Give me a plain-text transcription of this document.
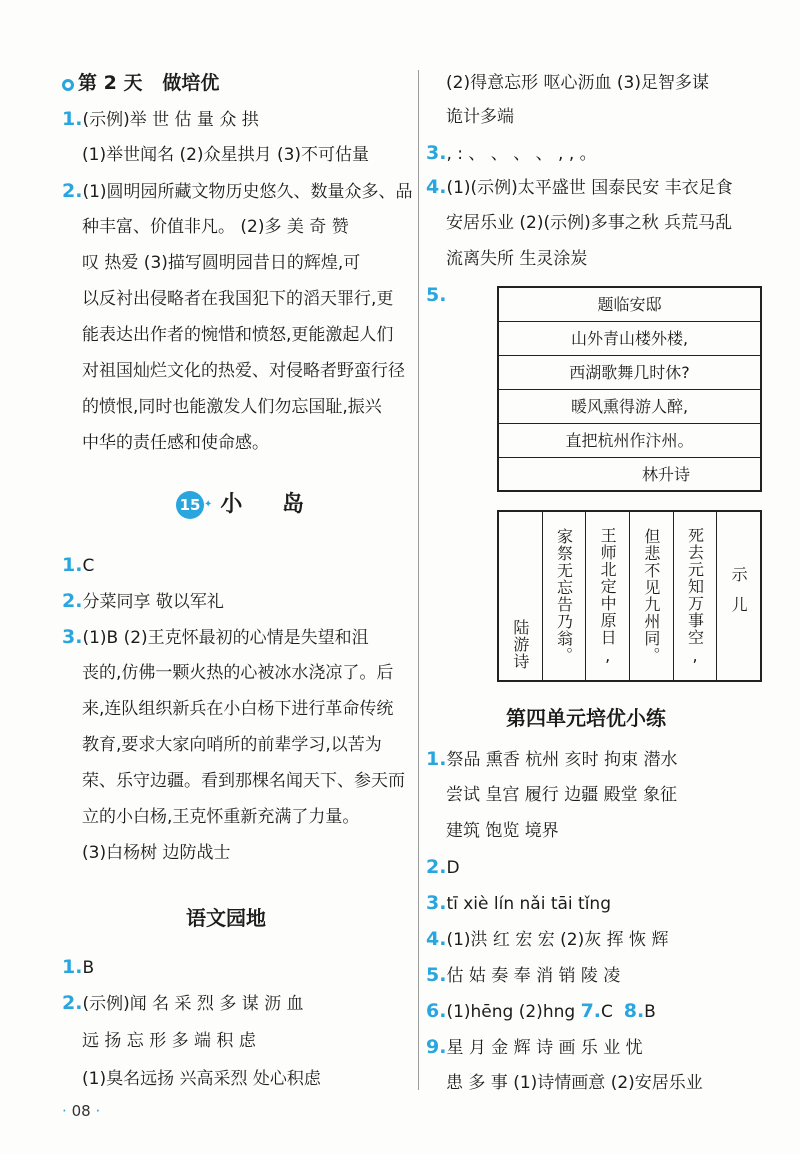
第 2 天 做培优
1.(示例)举 世 估 量 众 拱
(1)举世闻名 (2)众星拱月 (3)不可估量
2.(1)圆明园所藏文物历史悠久、数量众多、品
种丰富、价值非凡。 (2)多 美 奇 赞
叹 热爱 (3)描写圆明园昔日的辉煌,可
以反衬出侵略者在我国犯下的滔天罪行,更
能表达出作者的惋惜和愤怒,更能激起人们
对祖国灿烂文化的热爱、对侵略者野蛮行径
的愤恨,同时也能激发人们勿忘国耻,振兴
中华的责任感和使命感。
15 ✦ 小 岛
1.C
2.分菜同享 敬以军礼
3.(1)B (2)王克怀最初的心情是失望和沮
丧的,仿佛一颗火热的心被冰水浇凉了。后
来,连队组织新兵在小白杨下进行革命传统
教育,要求大家向哨所的前辈学习,以苦为
荣、乐守边疆。看到那棵名闻天下、参天而
立的小白杨,王克怀重新充满了力量。
(3)白杨树 边防战士
语文园地
1.B
2.(示例)闻 名 采 烈 多 谋 沥 血
远 扬 忘 形 多 端 积 虑
(1)臭名远扬 兴高采烈 处心积虑
(2)得意忘形 呕心沥血 (3)足智多谋
诡计多端
3., : 、 、 、 、 , , 。
4.(1)(示例)太平盛世 国泰民安 丰衣足食
安居乐业 (2)(示例)多事之秋 兵荒马乱
流离失所 生灵涂炭
5.	题临安邸
山外青山楼外楼,
西湖歌舞几时休?
暖风熏得游人醉,
直把杭州作汴州。
林升诗
示儿
死去元知万事空,
但悲不见九州同。
王师北定中原日,
家祭无忘告乃翁。
陆游诗
第四单元培优小练
1.祭品 熏香 杭州 亥时 拘束 潜水
尝试 皇宫 履行 边疆 殿堂 象征
建筑 饱览 境界
2.D
3.tī xiè lín nǎi tāi tǐng
4.(1)洪 红 宏 宏 (2)灰 挥 恢 辉
5.估 姑 奏 奉 消 销 陵 凌
6.(1)hēng (2)hng 7.C 8.B
9.星 月 金 辉 诗 画 乐 业 忧
患 多 事 (1)诗情画意 (2)安居乐业
· 08 ·
